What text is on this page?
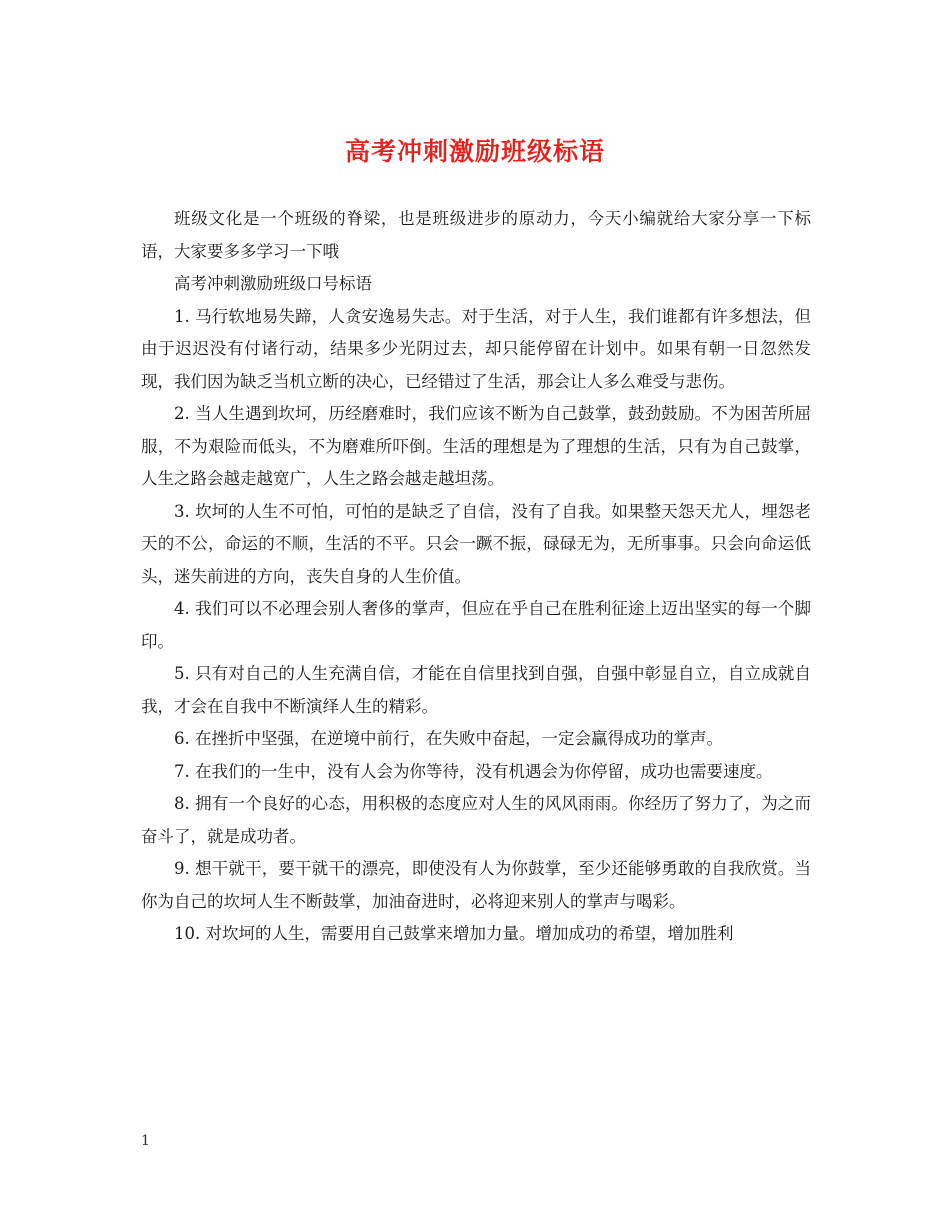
高考冲刺激励班级标语

班级文化是一个班级的脊梁，也是班级进步的原动力，今天小编就给大家分享一下标语，大家要多多学习一下哦

高考冲刺激励班级口号标语

1. 马行软地易失蹄，人贪安逸易失志。对于生活，对于人生，我们谁都有许多想法，但由于迟迟没有付诸行动，结果多少光阴过去，却只能停留在计划中。如果有朝一日忽然发现，我们因为缺乏当机立断的决心，已经错过了生活，那会让人多么难受与悲伤。

2. 当人生遇到坎坷，历经磨难时，我们应该不断为自己鼓掌，鼓劲鼓励。不为困苦所屈服，不为艰险而低头，不为磨难所吓倒。生活的理想是为了理想的生活，只有为自己鼓掌，人生之路会越走越宽广，人生之路会越走越坦荡。

3. 坎坷的人生不可怕，可怕的是缺乏了自信，没有了自我。如果整天怨天尤人，埋怨老天的不公，命运的不顺，生活的不平。只会一蹶不振，碌碌无为，无所事事。只会向命运低头，迷失前进的方向，丧失自身的人生价值。

4. 我们可以不必理会别人奢侈的掌声，但应在乎自己在胜利征途上迈出坚实的每一个脚印。

5. 只有对自己的人生充满自信，才能在自信里找到自强，自强中彰显自立，自立成就自我，才会在自我中不断演绎人生的精彩。

6. 在挫折中坚强，在逆境中前行，在失败中奋起，一定会赢得成功的掌声。

7. 在我们的一生中，没有人会为你等待，没有机遇会为你停留，成功也需要速度。

8. 拥有一个良好的心态，用积极的态度应对人生的风风雨雨。你经历了努力了，为之而奋斗了，就是成功者。

9. 想干就干，要干就干的漂亮，即使没有人为你鼓掌，至少还能够勇敢的自我欣赏。当你为自己的坎坷人生不断鼓掌，加油奋进时，必将迎来别人的掌声与喝彩。

10. 对坎坷的人生，需要用自己鼓掌来增加力量。增加成功的希望，增加胜利

1
